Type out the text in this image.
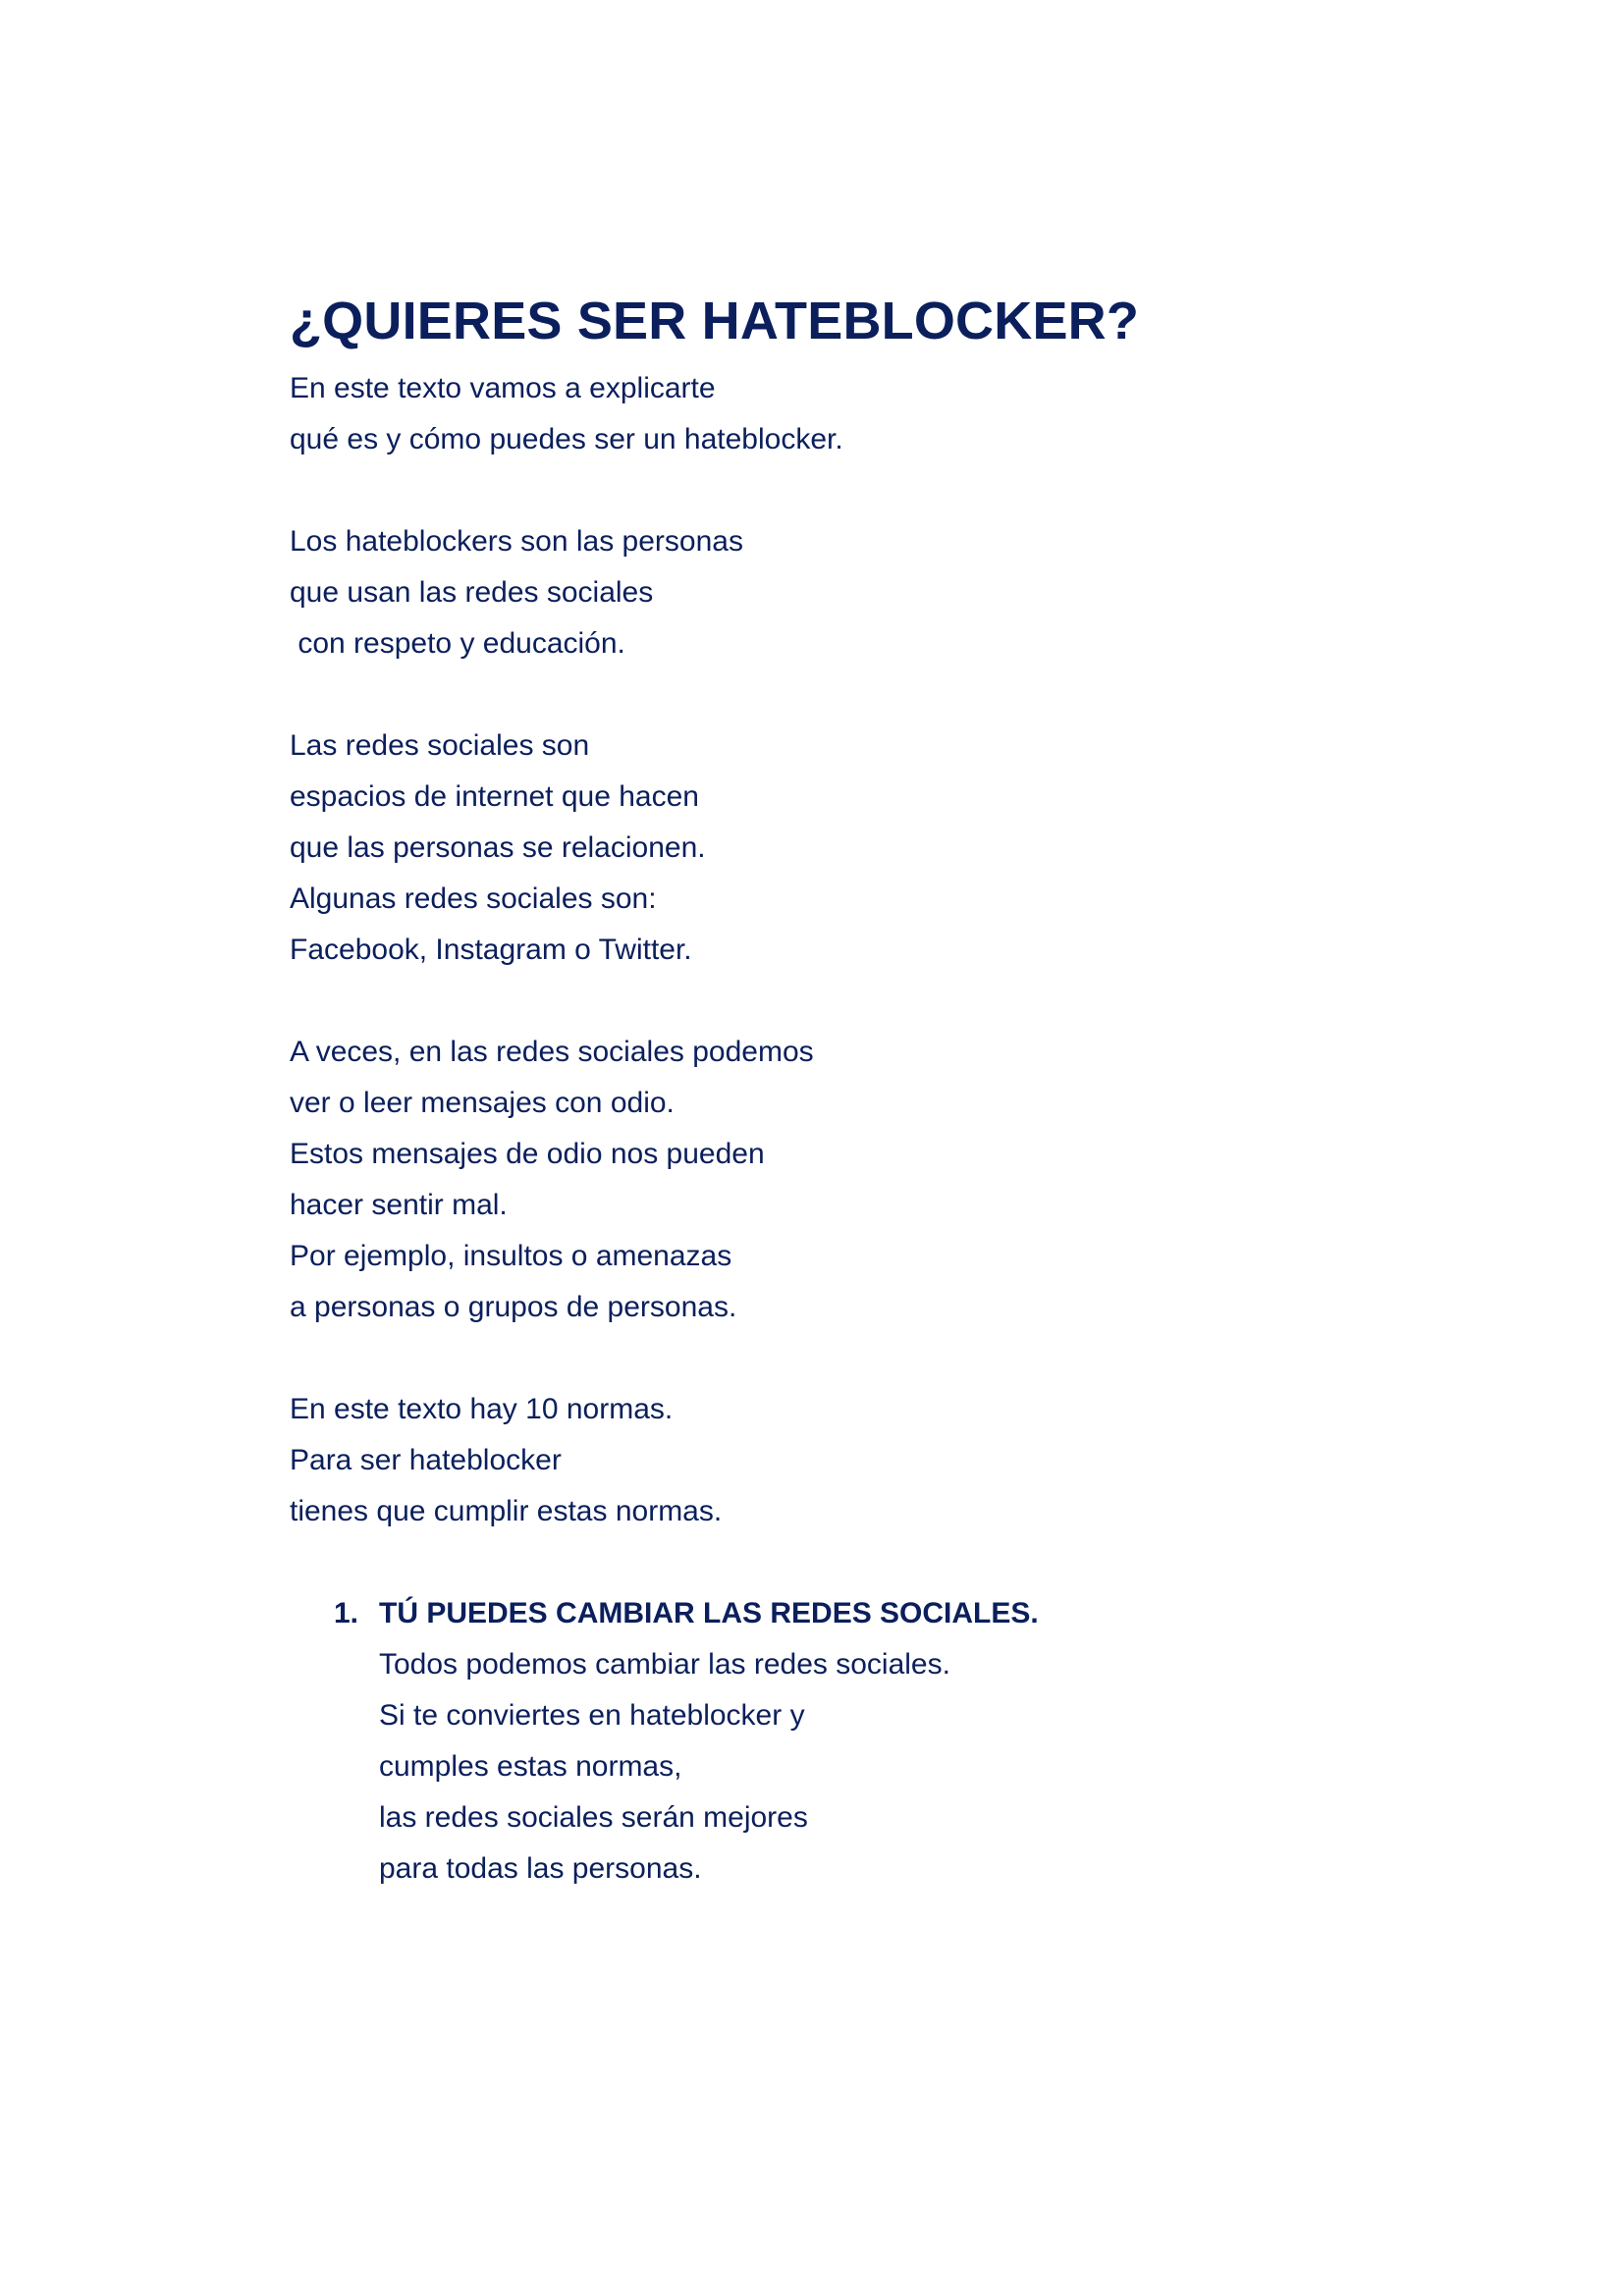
¿QUIERES SER HATEBLOCKER?
En este texto vamos a explicarte
qué es y cómo puedes ser un hateblocker.
Los hateblockers son las personas
que usan las redes sociales
con respeto y educación.
Las redes sociales son
espacios de internet que hacen
que las personas se relacionen.
Algunas redes sociales son:
Facebook, Instagram o Twitter.
A veces, en las redes sociales podemos
ver o leer mensajes con odio.
Estos mensajes de odio nos pueden
hacer sentir mal.
Por ejemplo, insultos o amenazas
a personas o grupos de personas.
En este texto hay 10 normas.
Para ser hateblocker
tienes que cumplir estas normas.
1. TÚ PUEDES CAMBIAR LAS REDES SOCIALES.
Todos podemos cambiar las redes sociales.
Si te conviertes en hateblocker y
cumples estas normas,
las redes sociales serán mejores
para todas las personas.
